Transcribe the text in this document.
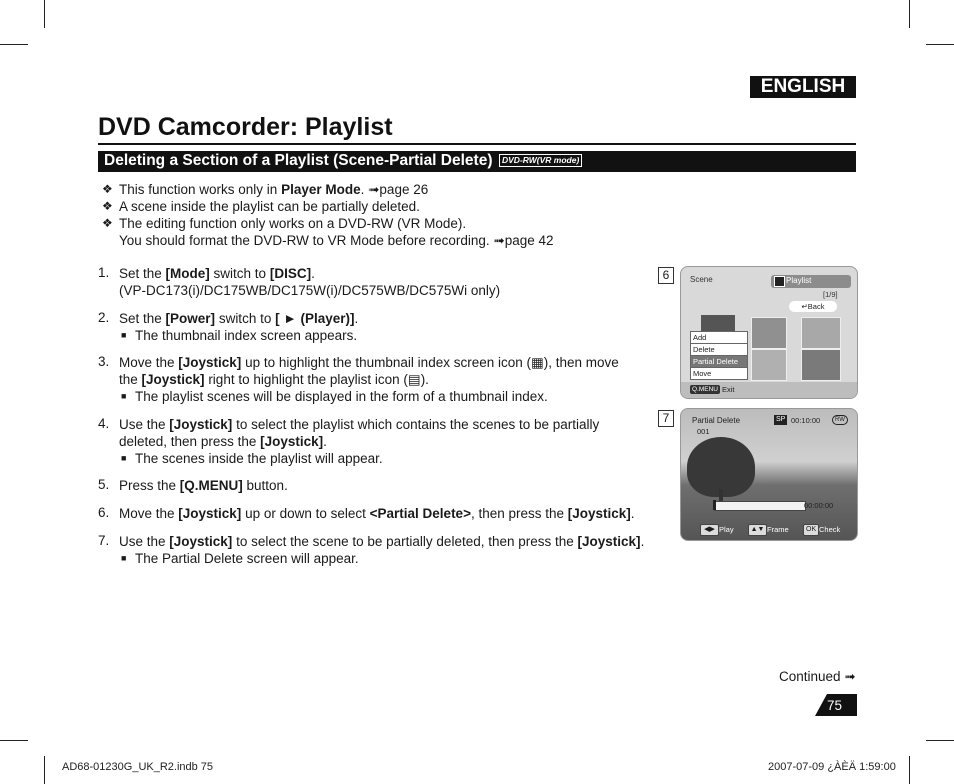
ENGLISH
DVD Camcorder: Playlist
Deleting a Section of a Playlist (Scene-Partial Delete)	DVD-RW(VR mode)
❖ This function works only in Player Mode. ➟page 26
❖ A scene inside the playlist can be partially deleted.
❖ The editing function only works on a DVD-RW (VR Mode).
You should format the DVD-RW to VR Mode before recording. ➟page 42
1. Set the [Mode] switch to [DISC].
(VP-DC173(i)/DC175WB/DC175W(i)/DC575WB/DC575Wi only)
2. Set the [Power] switch to [ ► (Player)].
■ The thumbnail index screen appears.
3. Move the [Joystick] up to highlight the thumbnail index screen icon (▦), then move
the [Joystick] right to highlight the playlist icon (▤).
■ The playlist scenes will be displayed in the form of a thumbnail index.
4. Use the [Joystick] to select the playlist which contains the scenes to be partially
deleted, then press the [Joystick].
■ The scenes inside the playlist will appear.
5. Press the [Q.MENU] button.
6. Move the [Joystick] up or down to select <Partial Delete>, then press the [Joystick].
7. Use the [Joystick] to select the scene to be partially deleted, then press the [Joystick].
■ The Partial Delete screen will appear.
6	Scene	Playlist
[1/9]
↵Back
Add
Delete
Partial Delete
Move
Q.MENU Exit
7	Partial Delete
001
SP 00:10:00	RW
00:00:00
◀▶ Play	▲▼ Frame	OK Check
Continued ➟
75
AD68-01230G_UK_R2.indb 75	2007-07-09 ¿ÀÈÄ 1:59:00
